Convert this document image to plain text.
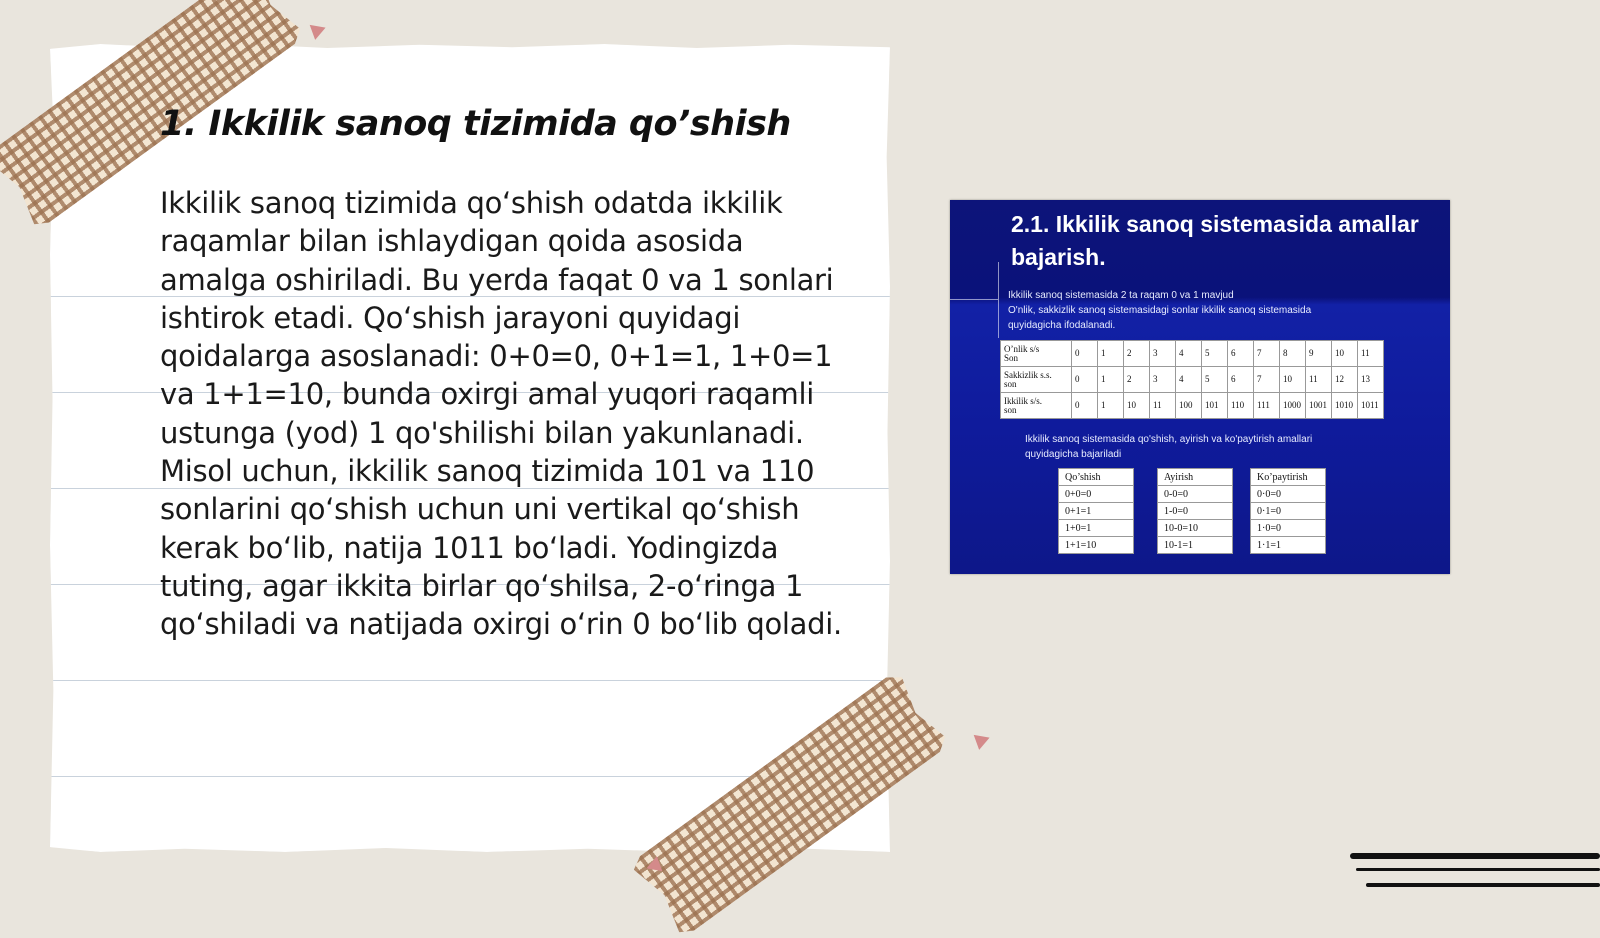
1. Ikkilik sanoq tizimida qo’shish

Ikkilik sanoq tizimida qo‘shish odatda ikkilik raqamlar bilan ishlaydigan qoida asosida amalga oshiriladi. Bu yerda faqat 0 va 1 sonlari ishtirok etadi. Qo‘shish jarayoni quyidagi qoidalarga asoslanadi: 0+0=0, 0+1=1, 1+0=1 va 1+1=10, bunda oxirgi amal yuqori raqamli ustunga (yod) 1 qo'shilishi bilan yakunlanadi. Misol uchun, ikkilik sanoq tizimida 101 va 110 sonlarini qo‘shish uchun uni vertikal qo‘shish kerak bo‘lib, natija 1011 bo‘ladi. Yodingizda tuting, agar ikkita birlar qo‘shilsa, 2-o‘ringa 1 qo‘shiladi va natijada oxirgi o‘rin 0 bo‘lib qoladi.

2.1. Ikkilik sanoq sistemasida amallar bajarish.
Ikkilik sanoq sistemasida 2 ta raqam 0 va 1 mavjud
O'nlik, sakkizlik sanoq sistemasidagi sonlar ikkilik sanoq sistemasida
quyidagicha ifodalanadi.
O’nlik s/s
Son	0	1	2	3	4	5	6	7	8	9	10	11

Sakkizlik s.s.
son	0	1	2	3	4	5	6	7	10	11	12	13

Ikkilik s/s.
son	0	1	10	11	100	101	110	111	1000	1001	1010	1011
Ikkilik sanoq sistemasida qo'shish, ayirish va ko'paytirish amallari
quyidagicha bajariladi
Qo’shish
0+0=0
0+1=1
1+0=1
1+1=10
Ayirish
0-0=0
1-0=0
10-0=10
10-1=1
Ko’paytirish
0·0=0
0·1=0
1·0=0
1·1=1
